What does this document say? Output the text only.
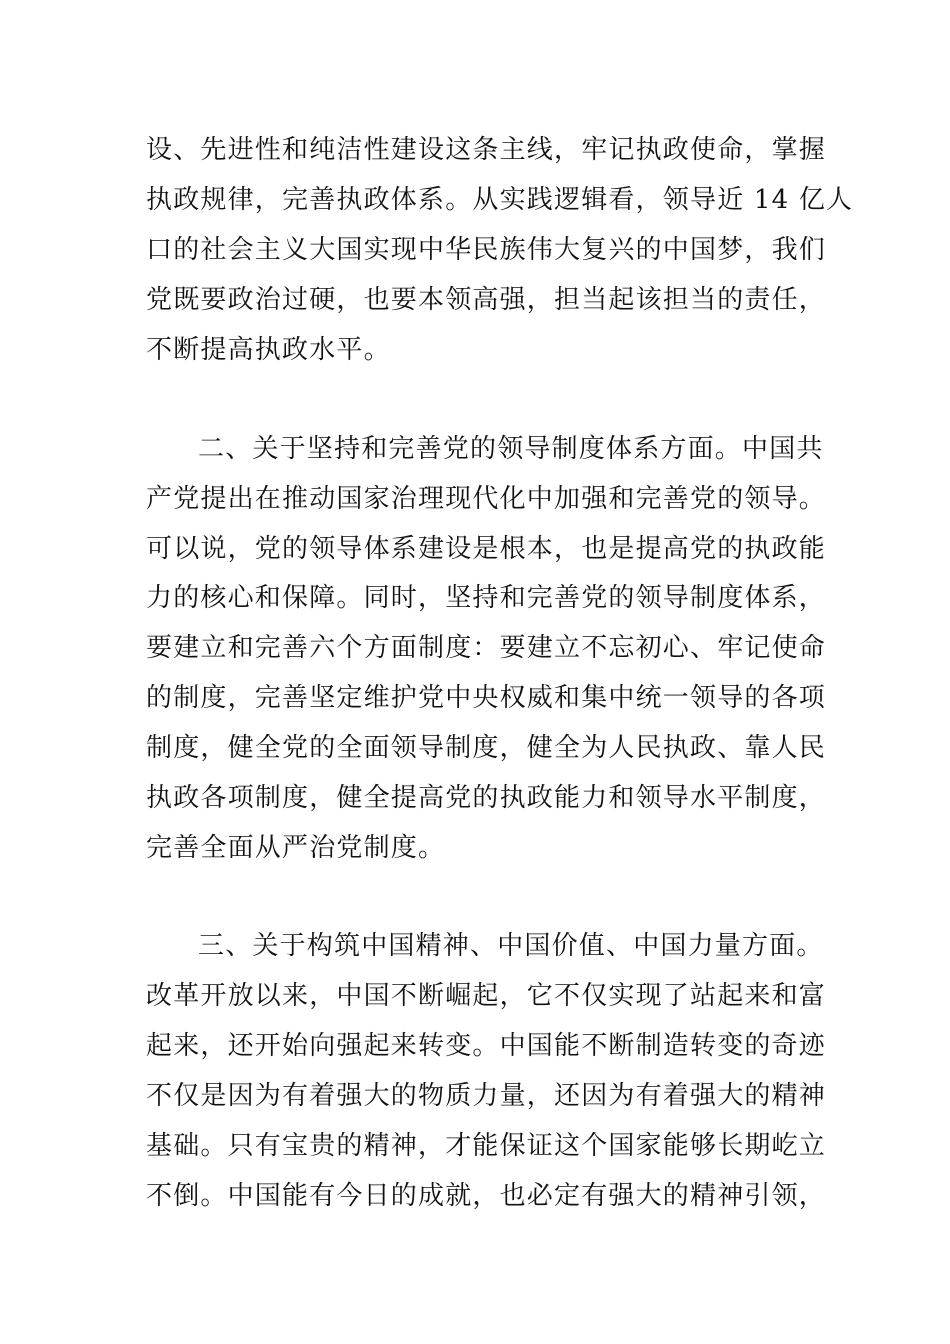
设、先进性和纯洁性建设这条主线，牢记执政使命，掌握
执政规律，完善执政体系。从实践逻辑看，领导近 14 亿人
口的社会主义大国实现中华民族伟大复兴的中国梦，我们
党既要政治过硬，也要本领高强，担当起该担当的责任，
不断提高执政水平。
二、关于坚持和完善党的领导制度体系方面。中国共
产党提出在推动国家治理现代化中加强和完善党的领导。
可以说，党的领导体系建设是根本，也是提高党的执政能
力的核心和保障。同时，坚持和完善党的领导制度体系，
要建立和完善六个方面制度：要建立不忘初心、牢记使命
的制度，完善坚定维护党中央权威和集中统一领导的各项
制度，健全党的全面领导制度，健全为人民执政、靠人民
执政各项制度，健全提高党的执政能力和领导水平制度，
完善全面从严治党制度。
三、关于构筑中国精神、中国价值、中国力量方面。
改革开放以来，中国不断崛起，它不仅实现了站起来和富
起来，还开始向强起来转变。中国能不断制造转变的奇迹
不仅是因为有着强大的物质力量，还因为有着强大的精神
基础。只有宝贵的精神，才能保证这个国家能够长期屹立
不倒。中国能有今日的成就，也必定有强大的精神引领，
